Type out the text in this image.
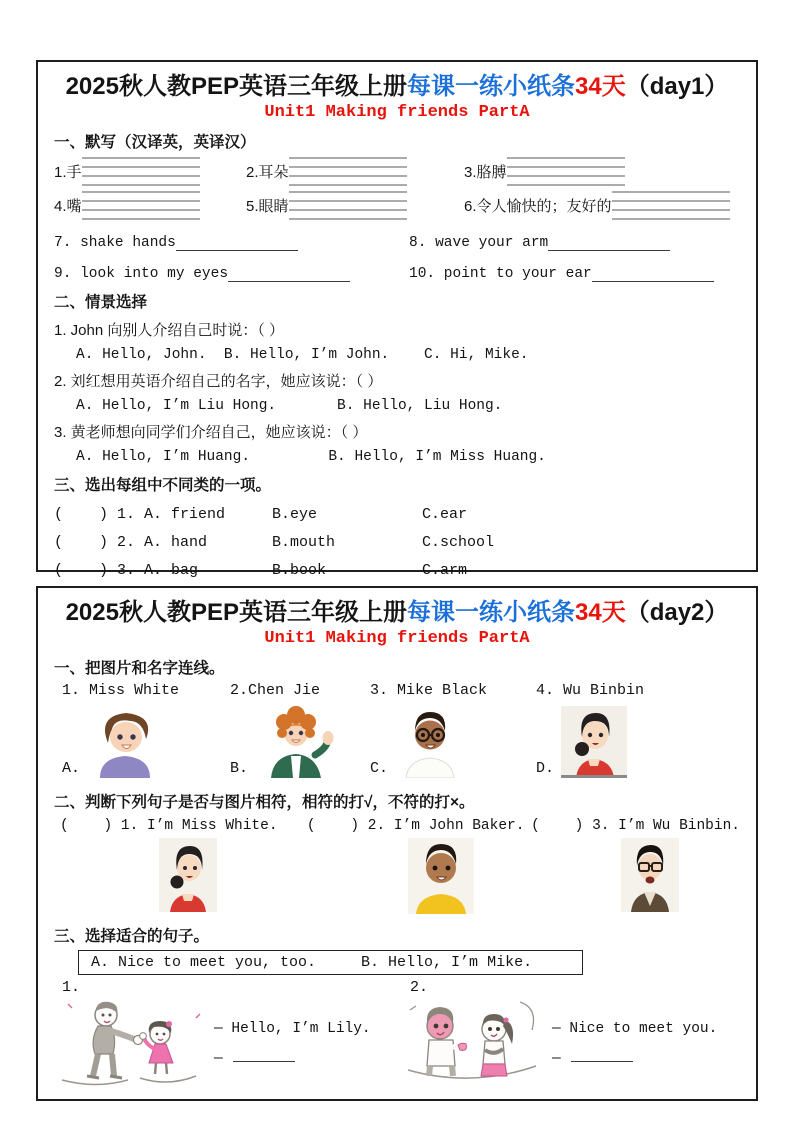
2025秋人教PEP英语三年级上册每课一练小纸条34天（day1）
Unit1 Making friends PartA
一、默写（汉译英，英译汉）
1.手	2.耳朵	3.胳膊
4.嘴	5.眼睛	6.令人愉快的；友好的
7. shake hands	8. wave your arm
9. look into my eyes	10. point to your ear
二、情景选择
1. John 向别人介绍自己时说：（ ）
A. Hello, John.  B. Hello, I’m John.    C. Hi, Mike.
2. 刘红想用英语介绍自己的名字，她应该说：（ ）
A. Hello, I’m Liu Hong.       B. Hello, Liu Hong.
3. 黄老师想向同学们介绍自己，她应该说：（ ）
A. Hello, I’m Huang.         B. Hello, I’m Miss Huang.
三、选出每组中不同类的一项。
(    ) 1. A. friend	B.eye	C.ear
(    ) 2. A. hand	B.mouth	C.school
(    ) 3. A. bag	B.book	C.arm
2025秋人教PEP英语三年级上册每课一练小纸条34天（day2）
Unit1 Making friends PartA
一、把图片和名字连线。
1. Miss White	2.Chen Jie	3. Mike Black	4. Wu Binbin
A.	B.	C.	D.
二、判断下列句子是否与图片相符，相符的打√，不符的打×。
(    ) 1. I’m Miss White.	(    ) 2. I’m John Baker. (    ) 3. I’m Wu Binbin.
三、选择适合的句子。
A. Nice to meet you, too.     B. Hello, I’m Mike.
1.
— Hello, I’m Lily.
—
2.
— Nice to meet you.
—
